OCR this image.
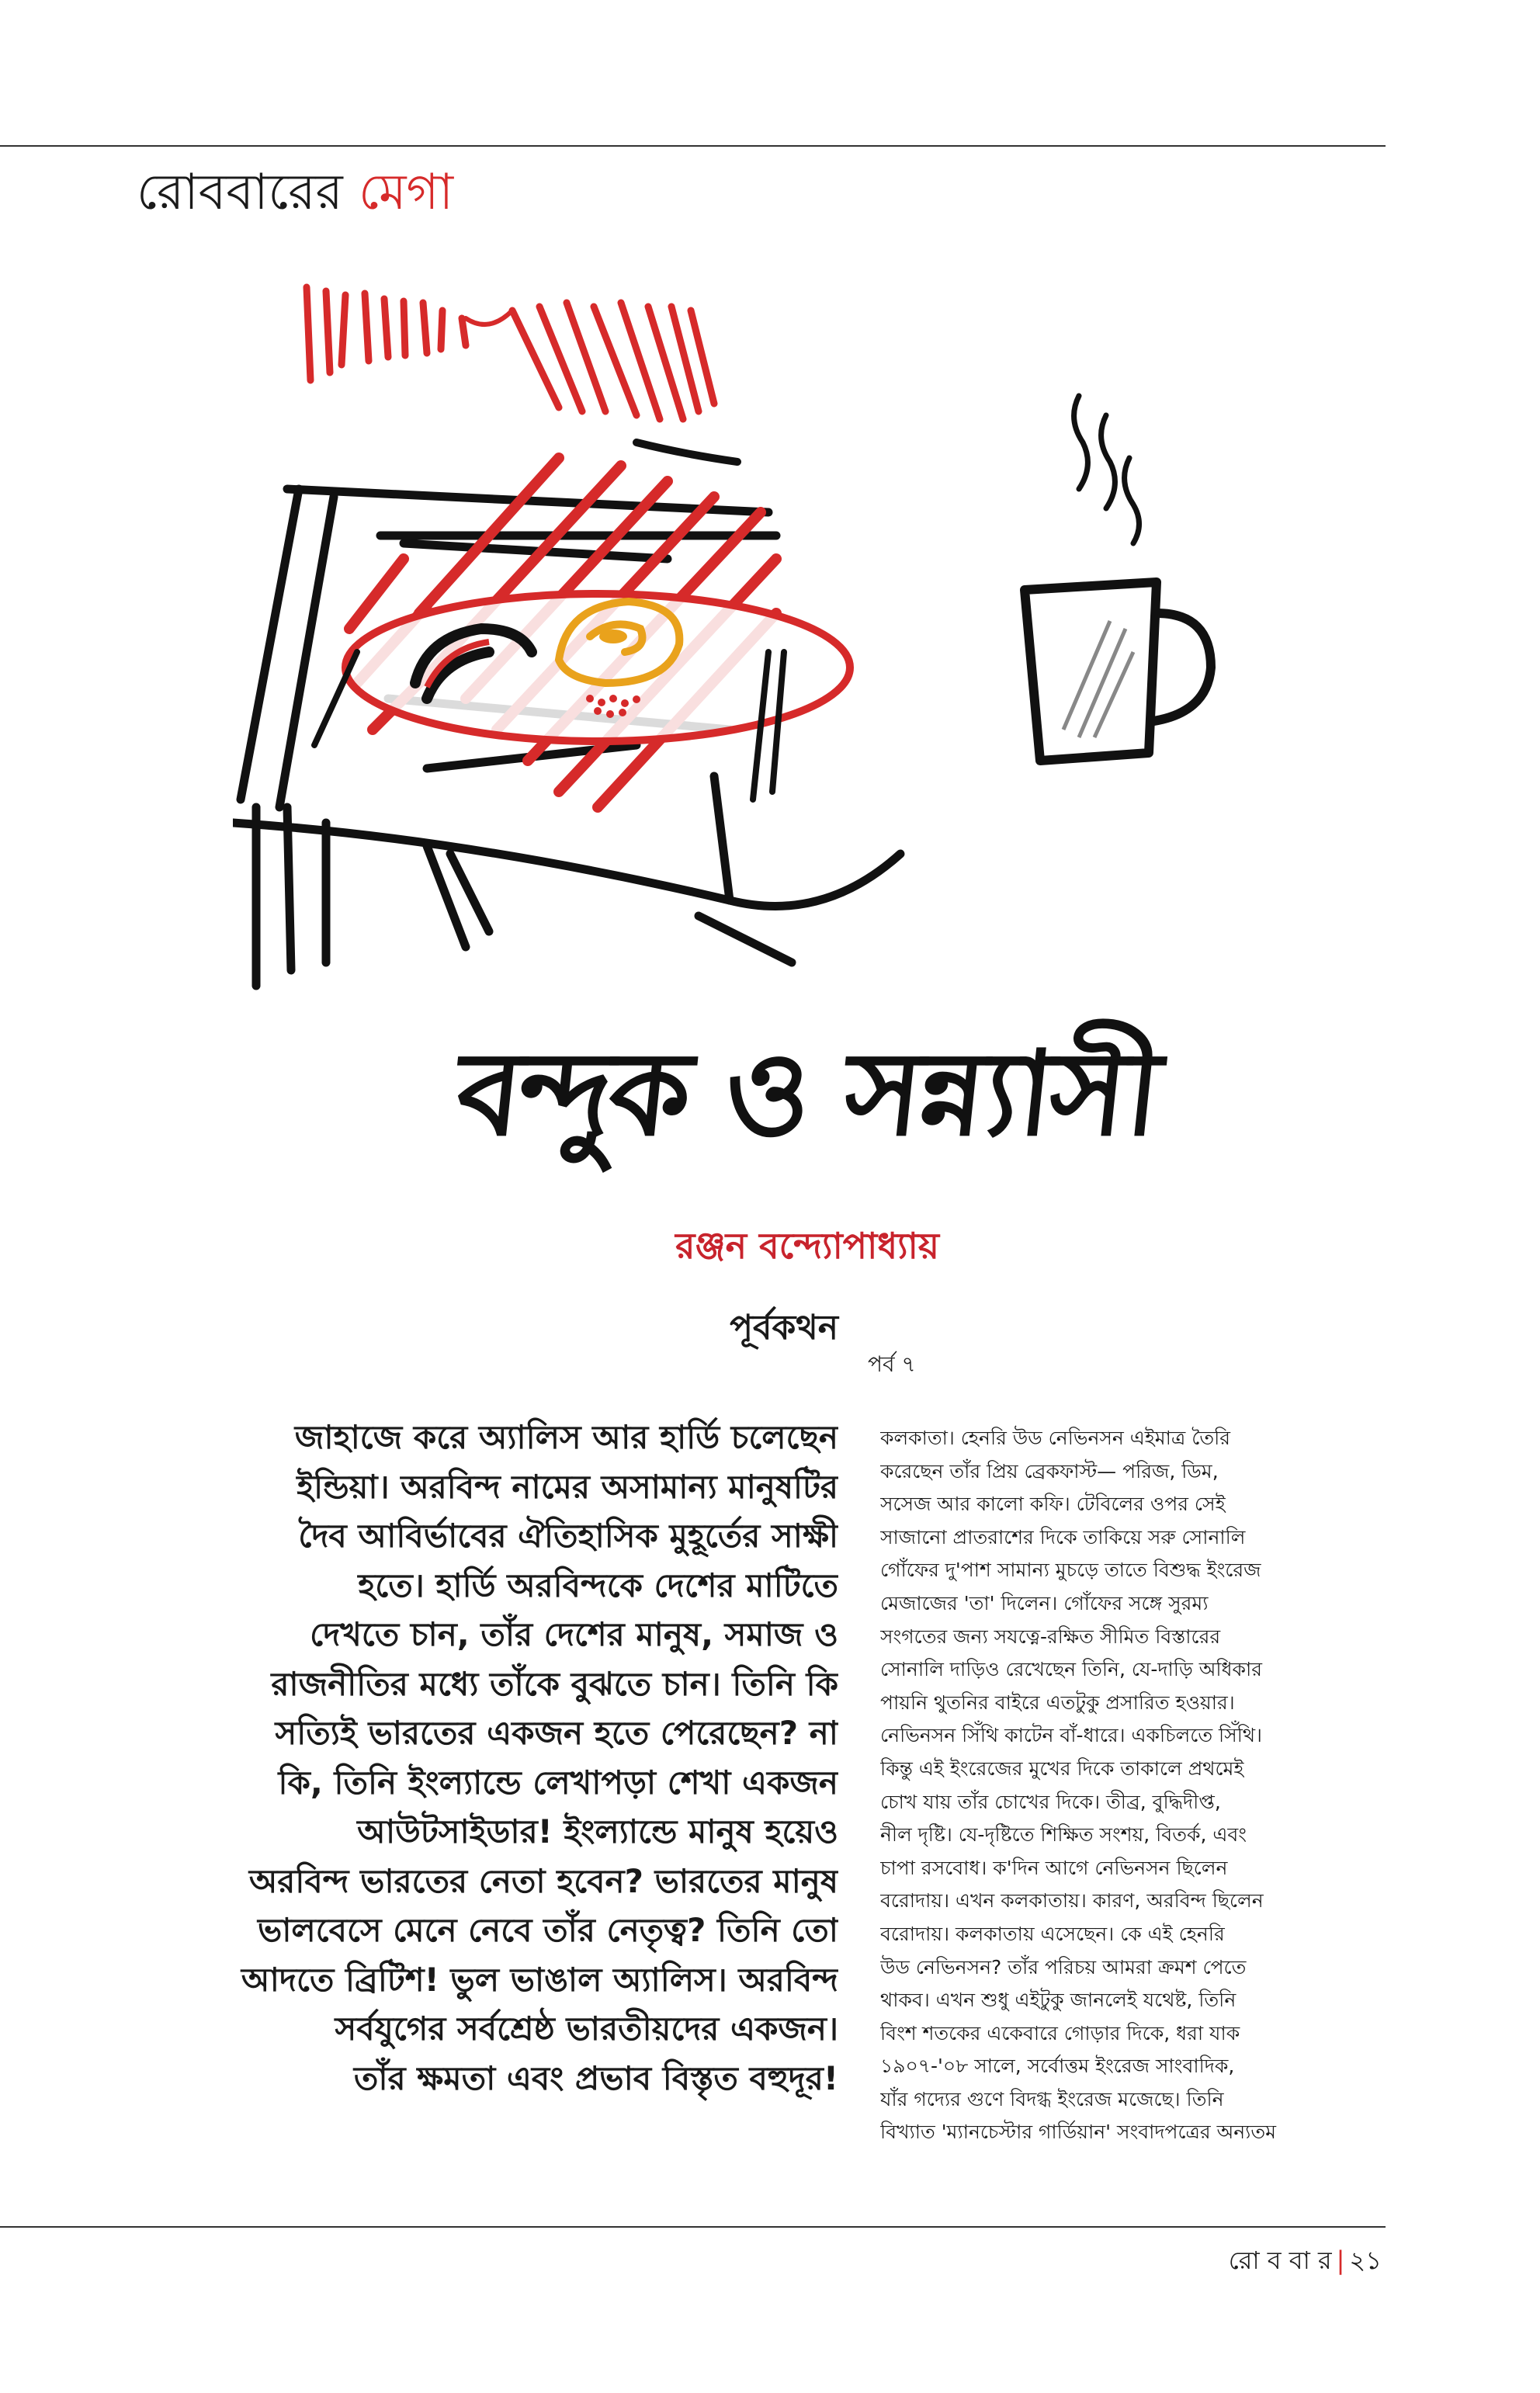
রোববারের মেগা
বন্দুক ও সন্ন্যাসী
রঞ্জন বন্দ্যোপাধ্যায়
পূর্বকথন
পর্ব ৭
জাহাজে করে অ্যালিস আর হার্ডি চলেছেন
ইন্ডিয়া। অরবিন্দ নামের অসামান্য মানুষটির
দৈব আবির্ভাবের ঐতিহাসিক মুহূর্তের সাক্ষী
হতে। হার্ডি অরবিন্দকে দেশের মাটিতে
দেখতে চান, তাঁর দেশের মানুষ, সমাজ ও
রাজনীতির মধ্যে তাঁকে বুঝতে চান। তিনি কি
সত্যিই ভারতের একজন হতে পেরেছেন? না
কি, তিনি ইংল্যান্ডে লেখাপড়া শেখা একজন
আউটসাইডার! ইংল্যান্ডে মানুষ হয়েও
অরবিন্দ ভারতের নেতা হবেন? ভারতের মানুষ
ভালবেসে মেনে নেবে তাঁর নেতৃত্ব? তিনি তো
আদতে ব্রিটিশ! ভুল ভাঙাল অ্যালিস। অরবিন্দ
সর্বযুগের সর্বশ্রেষ্ঠ ভারতীয়দের একজন।
তাঁর ক্ষমতা এবং প্রভাব বিস্তৃত বহুদূর!
কলকাতা। হেনরি উড নেভিনসন এইমাত্র তৈরি
করেছেন তাঁর প্রিয় ব্রেকফাস্ট— পরিজ, ডিম,
সসেজ আর কালো কফি। টেবিলের ওপর সেই
সাজানো প্রাতরাশের দিকে তাকিয়ে সরু সোনালি
গোঁফের দু'পাশ সামান্য মুচড়ে তাতে বিশুদ্ধ ইংরেজ
মেজাজের 'তা' দিলেন। গোঁফের সঙ্গে সুরম্য
সংগতের জন্য সযত্নে-রক্ষিত সীমিত বিস্তারের
সোনালি দাড়িও রেখেছেন তিনি, যে-দাড়ি অধিকার
পায়নি থুতনির বাইরে এতটুকু প্রসারিত হওয়ার।
নেভিনসন সিঁথি কাটেন বাঁ-ধারে। একচিলতে সিঁথি।
কিন্তু এই ইংরেজের মুখের দিকে তাকালে প্রথমেই
চোখ যায় তাঁর চোখের দিকে। তীব্র, বুদ্ধিদীপ্ত,
নীল দৃষ্টি। যে-দৃষ্টিতে শিক্ষিত সংশয়, বিতর্ক, এবং
চাপা রসবোধ। ক'দিন আগে নেভিনসন ছিলেন
বরোদায়। এখন কলকাতায়। কারণ, অরবিন্দ ছিলেন
বরোদায়। কলকাতায় এসেছেন। কে এই হেনরি
উড নেভিনসন? তাঁর পরিচয় আমরা ক্রমশ পেতে
থাকব। এখন শুধু এইটুকু জানলেই যথেষ্ট, তিনি
বিংশ শতকের একেবারে গোড়ার দিকে, ধরা যাক
১৯০৭-'০৮ সালে, সর্বোত্তম ইংরেজ সাংবাদিক,
যাঁর গদ্যের গুণে বিদগ্ধ ইংরেজ মজেছে। তিনি
বিখ্যাত 'ম্যানচেস্টার গার্ডিয়ান' সংবাদপত্রের অন্যতম
রো ব বা র | ২১
